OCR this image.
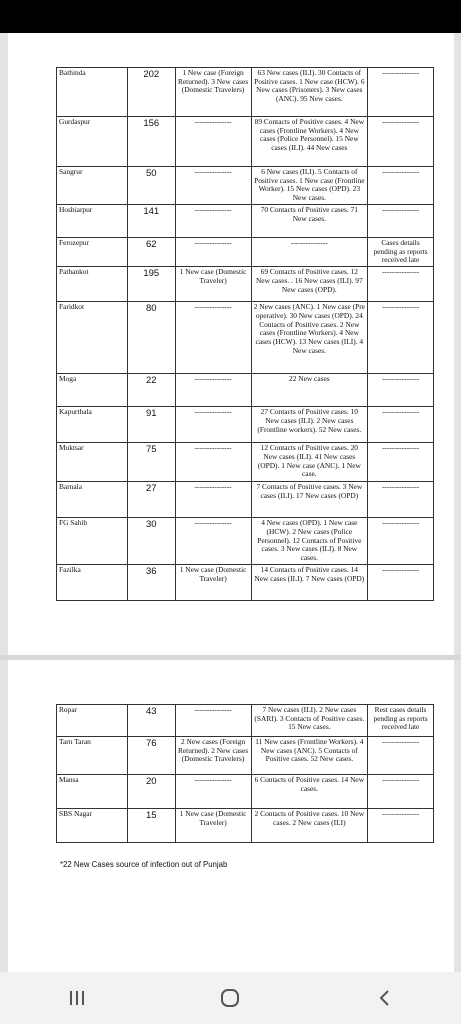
Bathinda	202	1 New case (Foreign Returned). 3 New cases (Domestic Travelers)	63 New cases (ILI). 30 Contacts of Positive cases. 1 New case (HCW). 6 New cases (Prisoners). 3 New cases (ANC). 95 New cases.	---------------
Gurdaspur	156	---------------	89 Contacts of Positive cases. 4 New cases (Frontline Workers). 4 New cases (Police Personnel). 15 New cases (ILI). 44 New cases	---------------
Sangrur	50	---------------	6 New cases (ILI). 5 Contacts of Positive cases. 1 New case (Frontline Worker). 15 New cases (OPD). 23 New cases.	---------------
Hoshiarpur	141	---------------	70 Contacts of Positive cases. 71 New cases.	---------------
Ferozepur	62	---------------	---------------	Cases details pending as reports received late
Pathankot	195	1 New case (Domestic Traveler)	69 Contacts of Positive cases. 12 New cases. . 16 New cases (ILI). 97 New cases (OPD).	---------------
Faridkot	80	---------------	2 New cases (ANC). 1 New case (Pre operative). 30 New cases (OPD). 24 Contacts of Positive cases. 2 New cases (Frontline Workers). 4 New cases (HCW). 13 New cases (ILI). 4 New cases.	---------------
Moga	22	---------------	22 New cases	---------------
Kapurthala	91	---------------	27 Contacts of Positive cases. 10 New cases (ILI). 2 New cases (Frontline workers). 52 New cases.	---------------
Muktsar	75	---------------	12 Contacts of Positive cases. 20 New cases (ILI). 41 New cases (OPD). 1 New case (ANC). 1 New case.	---------------
Barnala	27	---------------	7 Contacts of Positive cases. 3 New cases (ILI). 17 New cases (OPD)	---------------
FG Sahib	30	---------------	4 New cases (OPD). 1 New case (HCW). 2 New cases (Police Personnel). 12 Contacts of Positive cases. 3 New cases (ILI). 8 New cases.	---------------
Fazilka	36	1 New case (Domestic Traveler)	14 Contacts of Positive cases. 14 New cases (ILI). 7 New cases (OPD)	---------------
Ropar	43	---------------	7 New cases (ILI). 2 New cases (SARI). 3 Contacts of Positive cases. 15 New cases.	Rest cases details pending as reports received late
Tarn Taran	76	2 New cases (Foreign Returned). 2 New cases (Domestic Travelers)	11 New cases (Frontline Workers). 4 New cases (ANC). 5 Contacts of Positive cases. 52 New cases.	---------------
Mansa	20	---------------	6 Contacts of Positive cases. 14 New cases.	---------------
SBS Nagar	15	1 New case (Domestic Traveler)	2 Contacts of Positive cases. 10 New cases. 2 New cases (ILI)	---------------
*22 New Cases source of infection out of Punjab
